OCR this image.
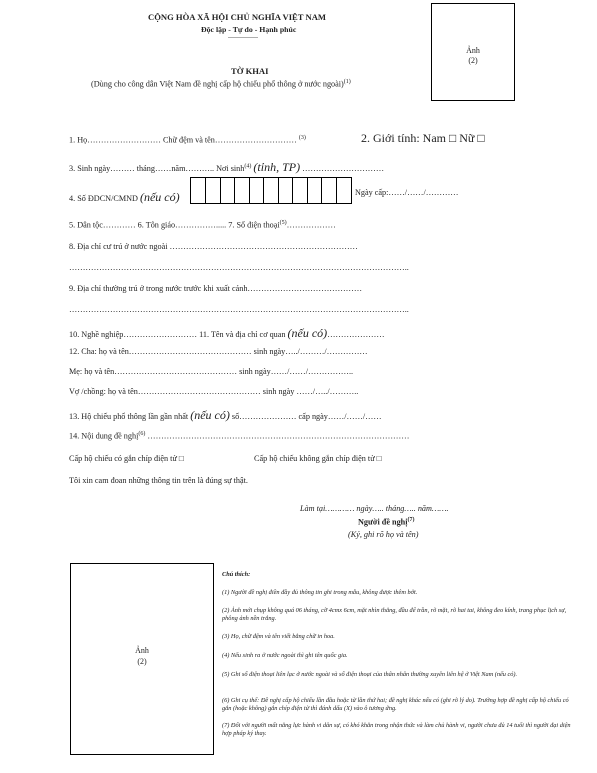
CỘNG HÒA XÃ HỘI CHỦ NGHĨA VIỆT NAM
Độc lập - Tự do - Hạnh phúc
---------------
TỜ KHAI
(Dùng cho công dân Việt Nam đề nghị cấp hộ chiếu phổ thông ở nước ngoài)$^{(1)}$
Ảnh
(2)
1. Họ……………………… Chữ đệm và tên………………………… $^{(3)}$	2. Giới tính: Nam □ Nữ □
3. Sinh ngày……… tháng……năm……….. Nơi $\sinh^{(4)}$ (tỉnh, TP) …………………………
4. Số ĐDCN/CMND (nếu có)	Ngày cấp:……/……/…………
5. Dân tộc………… 6. Tôn giáo……………..... 7. Số điện thoại$^{(5)}$………………
8. Địa chỉ cư trú ở nước ngoài ……………………………………………………………
……………………………………………………………………………………………………………..
9. Địa chỉ thường trú ở trong nước trước khi xuất cảnh……………………………………
……………………………………………………………………………………………………………..
10. Nghề nghiệp……………………… 11. Tên và địa chỉ cơ quan (nếu có)…………………
12. Cha: họ và tên……………………………………… sinh ngày…../………/……………
Mẹ: họ và tên……………………………………… sinh ngày……/……/……………..
Vợ /chồng: họ và tên……………………………………… sinh ngày ……/…../………..
13. Hộ chiếu phổ thông lần gần nhất (nếu có) số………………… cấp ngày……/……/……
14. Nội dung đề nghị$^{(6)}$ ……………………………………………………………………………………
Cấp hộ chiếu có gắn chíp điện tử □	Cấp hộ chiếu không gắn chíp điện tử □
Tôi xin cam đoan những thông tin trên là đúng sự thật.
Làm tại………… ngày….. tháng….. năm…….
Người đề nghị$^{(7)}$
(Ký, ghi rõ họ và tên)
Ảnh
(2)
Chú thích:
(1) Người đề nghị điền đầy đủ thông tin ghi trong mẫu, không được thêm bớt.
(2) Ảnh mới chụp không quá 06 tháng, cỡ 4cmx 6cm, mặt nhìn thẳng, đầu để trần, rõ mặt, rõ hai tai, không đeo kính, trang phục lịch sự, phông ảnh nền trắng.
(3) Họ, chữ đệm và tên viết bằng chữ in hoa.
(4) Nếu sinh ra ở nước ngoài thì ghi tên quốc gia.
(5) Ghi số điện thoại liên lạc ở nước ngoài và số điện thoại của thân nhân thường xuyên liên hệ ở Việt Nam (nếu có).
(6) Ghi cụ thể: Đề nghị cấp hộ chiếu lần đầu hoặc từ lần thứ hai; đề nghị khác nếu có (ghi rõ lý do). Trường hợp đề nghị cấp hộ chiếu có gắn (hoặc không) gắn chíp điện tử thì đánh dấu (X) vào ô tương ứng.
(7) Đối với người mất năng lực hành vi dân sự, có khó khăn trong nhận thức và làm chủ hành vi, người chưa đủ 14 tuổi thì người đại diện hợp pháp ký thay.
